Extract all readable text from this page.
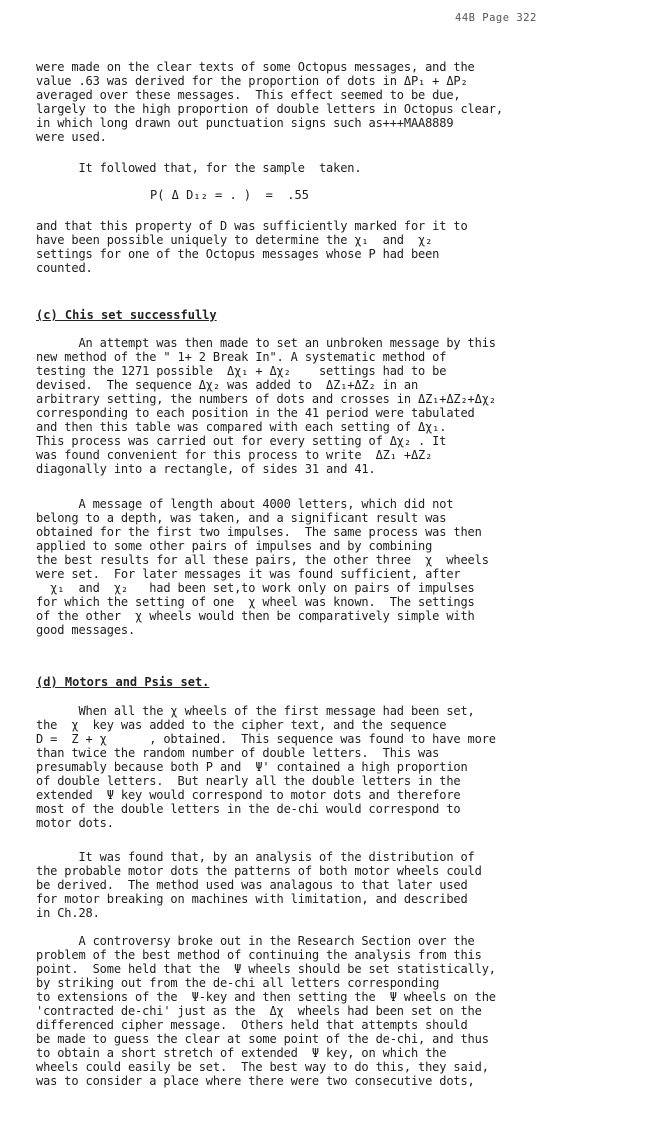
44B Page 322
were made on the clear texts of some Octopus messages, and the
value .63 was derived for the proportion of dots in ΔP₁ + ΔP₂
averaged over these messages.  This effect seemed to be due,
largely to the high proportion of double letters in Octopus clear,
in which long drawn out punctuation signs such as+++MAA8889
were used.
It followed that, for the sample  taken.
P( Δ D₁₂ = . )  =  .55
and that this property of D was sufficiently marked for it to
have been possible uniquely to determine the χ₁  and  χ₂
settings for one of the Octopus messages whose P had been
counted.
(c) Chis set successfully
An attempt was then made to set an unbroken message by this
new method of the " 1+ 2 Break In". A systematic method of
testing the 1271 possible  Δχ₁ + Δχ₂    settings had to be
devised.  The sequence Δχ₂ was added to  ΔZ₁+ΔZ₂ in an
arbitrary setting, the numbers of dots and crosses in ΔZ₁+ΔZ₂+Δχ₂
corresponding to each position in the 41 period were tabulated
and then this table was compared with each setting of Δχ₁.
This process was carried out for every setting of Δχ₂ . It
was found convenient for this process to write  ΔZ₁ +ΔZ₂
diagonally into a rectangle, of sides 31 and 41.
A message of length about 4000 letters, which did not
belong to a depth, was taken, and a significant result was
obtained for the first two impulses.  The same process was then
applied to some other pairs of impulses and by combining
the best results for all these pairs, the other three  χ  wheels
were set.  For later messages it was found sufficient, after
χ₁  and  χ₂   had been set,to work only on pairs of impulses
for which the setting of one  χ wheel was known.  The settings
of the other  χ wheels would then be comparatively simple with
good messages.
(d) Motors and Psis set.
When all the χ wheels of the first message had been set,
the  χ  key was added to the cipher text, and the sequence
D =  Z + χ      , obtained.  This sequence was found to have more
than twice the random number of double letters.  This was
presumably because both P and  Ψ' contained a high proportion
of double letters.  But nearly all the double letters in the
extended  Ψ key would correspond to motor dots and therefore
most of the double letters in the de-chi would correspond to
motor dots.
It was found that, by an analysis of the distribution of
the probable motor dots the patterns of both motor wheels could
be derived.  The method used was analagous to that later used
for motor breaking on machines with limitation, and described
in Ch.28.
A controversy broke out in the Research Section over the
problem of the best method of continuing the analysis from this
point.  Some held that the  Ψ wheels should be set statistically,
by striking out from the de-chi all letters corresponding
to extensions of the  Ψ-key and then setting the  Ψ wheels on the
'contracted de-chi' just as the  Δχ  wheels had been set on the
differenced cipher message.  Others held that attempts should
be made to guess the clear at some point of the de-chi, and thus
to obtain a short stretch of extended  Ψ key, on which the
wheels could easily be set.  The best way to do this, they said,
was to consider a place where there were two consecutive dots,
